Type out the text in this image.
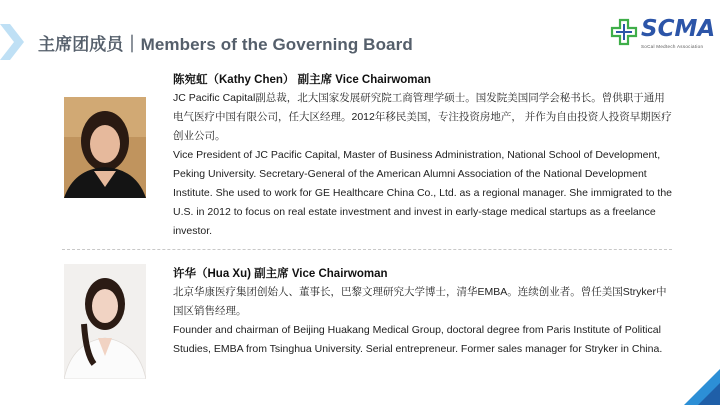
主席团成员｜Members of the Governing Board
SCMA
SoCal Medtech Association
陈宛虹（Kathy Chen） 副主席 Vice Chairwoman

JC Pacific Capital副总裁，北大国家发展研究院工商管理学硕士。国发院美国同学会秘书长。曾供职于通用电气医疗中国有限公司，任大区经理。2012年移民美国，专注投资房地产， 并作为自由投资人投资早期医疗创业公司。

Vice President of JC Pacific Capital, Master of Business Administration, National School of Development, Peking University. Secretary-General of the American Alumni Association of the National Development Institute. She used to work for GE Healthcare China Co., Ltd. as a regional manager. She immigrated to the U.S. in 2012 to focus on real estate investment and invest in early-stage medical startups as a freelance investor.

许华（Hua Xu) 副主席 Vice Chairwoman

北京华康医疗集团创始人、董事长，巴黎文理研究大学博士，清华EMBA。连续创业者。曾任美国Stryker中国区销售经理。

Founder and chairman of Beijing Huakang Medical Group, doctoral degree from Paris Institute of Political Studies, EMBA from Tsinghua University. Serial entrepreneur. Former sales manager for Stryker in China.
